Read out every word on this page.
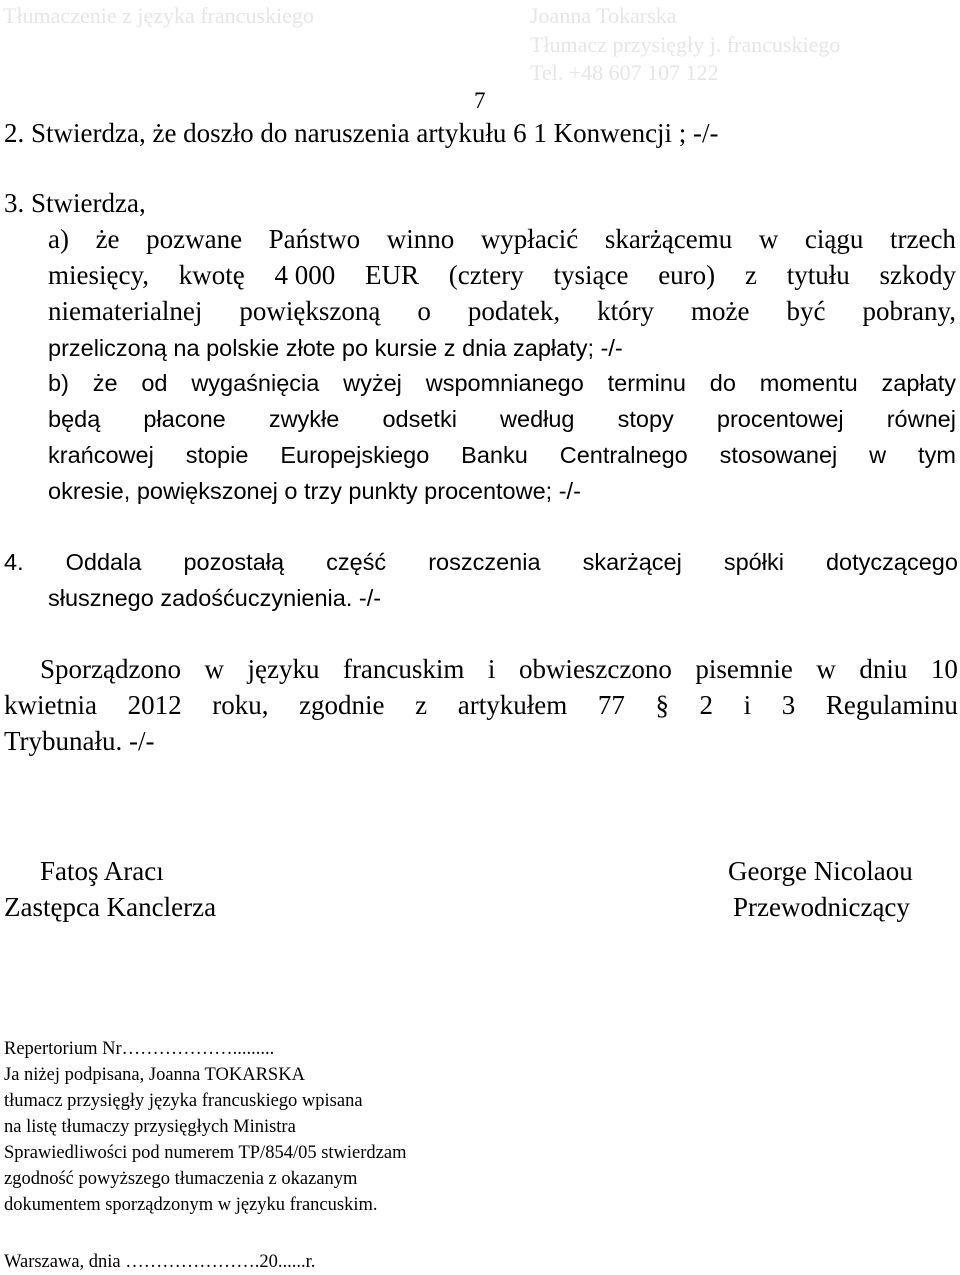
Tłumaczenie z języka francuskiego	Joanna Tokarska
Tłumacz przysięgły j. francuskiego
Tel. +48 607 107 122
7
2. Stwierdza, że doszło do naruszenia artykułu 6 1 Konwencji ; -/-
3. Stwierdza,
a) że pozwane Państwo winno wypłacić skarżącemu w ciągu trzech
miesięcy, kwotę 4 000 EUR (cztery tysiące euro) z tytułu szkody
niematerialnej powiększoną o podatek, który może być pobrany,
przeliczoną na polskie złote po kursie z dnia zapłaty; -/-
b) że od wygaśnięcia wyżej wspomnianego terminu do momentu zapłaty
będą płacone zwykłe odsetki według stopy procentowej równej
krańcowej stopie Europejskiego Banku Centralnego stosowanej w tym
okresie, powiększonej o trzy punkty procentowe; -/-
4. Oddala pozostałą część roszczenia skarżącej spółki dotyczącego
słusznego zadośćuczynienia. -/-
Sporządzono w języku francuskim i obwieszczono pisemnie w dniu 10
kwietnia 2012 roku, zgodnie z artykułem 77 § 2 i 3 Regulaminu
Trybunału. -/-
Fatoş Aracı
Zastępca Kanclerza
George Nicolaou
Przewodniczący
Repertorium Nr……………….........
Ja niżej podpisana, Joanna TOKARSKA
tłumacz przysięgły języka francuskiego wpisana
na listę tłumaczy przysięgłych Ministra
Sprawiedliwości pod numerem TP/854/05 stwierdzam
zgodność powyższego tłumaczenia z okazanym
dokumentem sporządzonym w języku francuskim.
Warszawa, dnia ………………….20......r.
